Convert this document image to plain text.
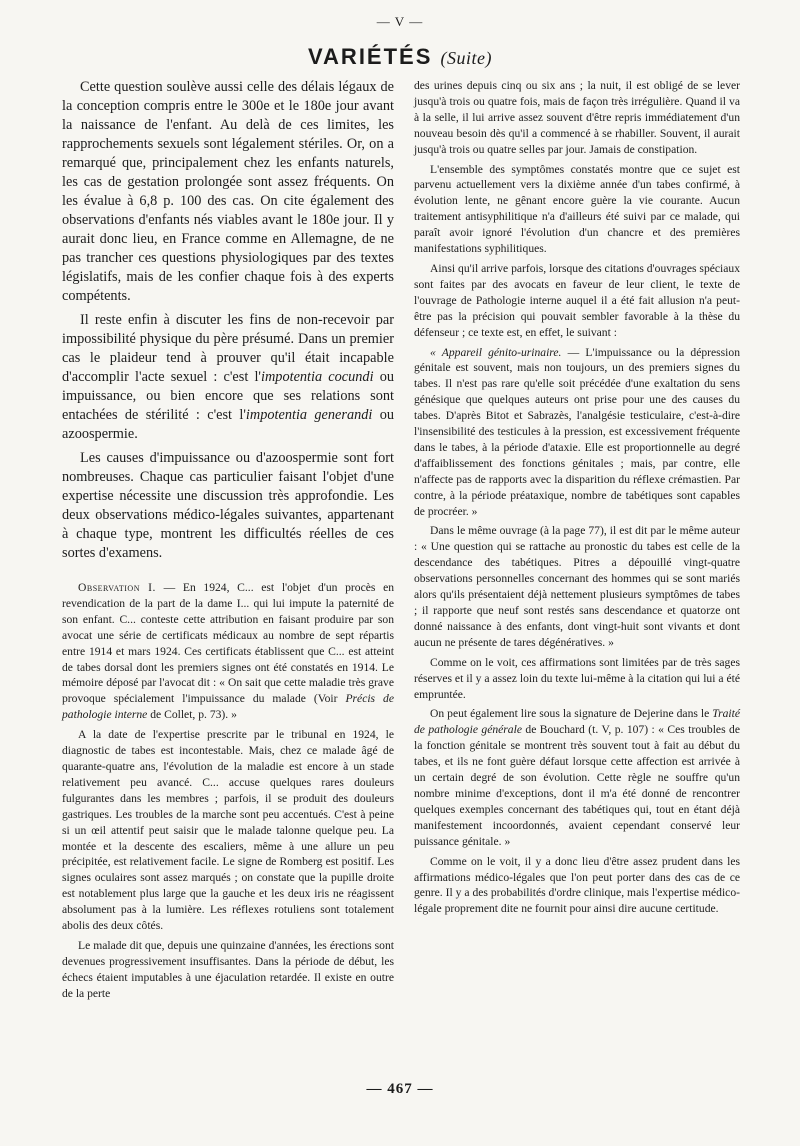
— V —
VARIÉTÉS (Suite)

Cette question soulève aussi celle des délais légaux de la conception compris entre le 300e et le 180e jour avant la naissance de l'enfant. Au delà de ces limites, les rapprochements sexuels sont légalement stériles. Or, on a remarqué que, principalement chez les enfants naturels, les cas de gestation prolongée sont assez fréquents. On les évalue à 6,8 p. 100 des cas. On cite également des observations d'enfants nés viables avant le 180e jour. Il y aurait donc lieu, en France comme en Allemagne, de ne pas trancher ces questions physiologiques par des textes législatifs, mais de les confier chaque fois à des experts compétents.

Il reste enfin à discuter les fins de non-recevoir par impossibilité physique du père présumé. Dans un premier cas le plaideur tend à prouver qu'il était incapable d'accomplir l'acte sexuel : c'est l'impotentia cocundi ou impuissance, ou bien encore que ses relations sont entachées de stérilité : c'est l'impotentia generandi ou azoospermie.

Les causes d'impuissance ou d'azoospermie sont fort nombreuses. Chaque cas particulier faisant l'objet d'une expertise nécessite une discussion très approfondie. Les deux observations médico-légales suivantes, appartenant à chaque type, montrent les difficultés réelles de ces sortes d'examens.

Observation I. — En 1924, C... est l'objet d'un procès en revendication de la part de la dame I... qui lui impute la paternité de son enfant. C... conteste cette attribution en faisant produire par son avocat une série de certificats médicaux au nombre de sept répartis entre 1914 et mars 1924. Ces certificats établissent que C... est atteint de tabes dorsal dont les premiers signes ont été constatés en 1914. Le mémoire déposé par l'avocat dit : « On sait que cette maladie très grave provoque spécialement l'impuissance du malade (Voir Précis de pathologie interne de Collet, p. 73). »

A la date de l'expertise prescrite par le tribunal en 1924, le diagnostic de tabes est incontestable. Mais, chez ce malade âgé de quarante-quatre ans, l'évolution de la maladie est encore à un stade relativement peu avancé. C... accuse quelques rares douleurs fulgurantes dans les membres ; parfois, il se produit des douleurs gastriques. Les troubles de la marche sont peu accentués. C'est à peine si un œil attentif peut saisir que le malade talonne quelque peu. La montée et la descente des escaliers, même à une allure un peu précipitée, est relativement facile. Le signe de Romberg est positif. Les signes oculaires sont assez marqués ; on constate que la pupille droite est notablement plus large que la gauche et les deux iris ne réagissent absolument pas à la lumière. Les réflexes rotuliens sont totalement abolis des deux côtés.

Le malade dit que, depuis une quinzaine d'années, les érections sont devenues progressivement insuffisantes. Dans la période de début, les échecs étaient imputables à une éjaculation retardée. Il existe en outre de la perte

des urines depuis cinq ou six ans ; la nuit, il est obligé de se lever jusqu'à trois ou quatre fois, mais de façon très irrégulière. Quand il va à la selle, il lui arrive assez souvent d'être repris immédiatement d'un nouveau besoin dès qu'il a commencé à se rhabiller. Souvent, il aurait jusqu'à trois ou quatre selles par jour. Jamais de constipation.

L'ensemble des symptômes constatés montre que ce sujet est parvenu actuellement vers la dixième année d'un tabes confirmé, à évolution lente, ne gênant encore guère la vie courante. Aucun traitement antisyphilitique n'a d'ailleurs été suivi par ce malade, qui paraît avoir ignoré l'évolution d'un chancre et des premières manifestations syphilitiques.

Ainsi qu'il arrive parfois, lorsque des citations d'ouvrages spéciaux sont faites par des avocats en faveur de leur client, le texte de l'ouvrage de Pathologie interne auquel il a été fait allusion n'a peut-être pas la précision qui pouvait sembler favorable à la thèse du défenseur ; ce texte est, en effet, le suivant :

« Appareil génito-urinaire. — L'impuissance ou la dépression génitale est souvent, mais non toujours, un des premiers signes du tabes. Il n'est pas rare qu'elle soit précédée d'une exaltation du sens génésique que quelques auteurs ont prise pour une des causes du tabes. D'après Bitot et Sabrazès, l'analgésie testiculaire, c'est-à-dire l'insensibilité des testicules à la pression, est excessivement fréquente dans le tabes, à la période d'ataxie. Elle est proportionnelle au degré d'affaiblissement des fonctions génitales ; mais, par contre, elle n'affecte pas de rapports avec la disparition du réflexe crémastien. Par contre, à la période préataxique, nombre de tabétiques sont capables de procréer. »

Dans le même ouvrage (à la page 77), il est dit par le même auteur : « Une question qui se rattache au pronostic du tabes est celle de la descendance des tabétiques. Pitres a dépouillé vingt-quatre observations personnelles concernant des hommes qui se sont mariés alors qu'ils présentaient déjà nettement plusieurs symptômes de tabes ; il rapporte que neuf sont restés sans descendance et quatorze ont donné naissance à des enfants, dont vingt-huit sont vivants et dont aucun ne présente de tares dégénératives. »

Comme on le voit, ces affirmations sont limitées par de très sages réserves et il y a assez loin du texte lui-même à la citation qui lui a été empruntée.

On peut également lire sous la signature de Dejerine dans le Traité de pathologie générale de Bouchard (t. V, p. 107) : « Ces troubles de la fonction génitale se montrent très souvent tout à fait au début du tabes, et ils ne font guère défaut lorsque cette affection est arrivée à un certain degré de son évolution. Cette règle ne souffre qu'un nombre minime d'exceptions, dont il m'a été donné de rencontrer quelques exemples concernant des tabétiques qui, tout en étant déjà manifestement incoordonnés, avaient cependant conservé leur puissance génitale. »

Comme on le voit, il y a donc lieu d'être assez prudent dans les affirmations médico-légales que l'on peut porter dans des cas de ce genre. Il y a des probabilités d'ordre clinique, mais l'expertise médico-légale proprement dite ne fournit pour ainsi dire aucune certitude.

— 467 —
